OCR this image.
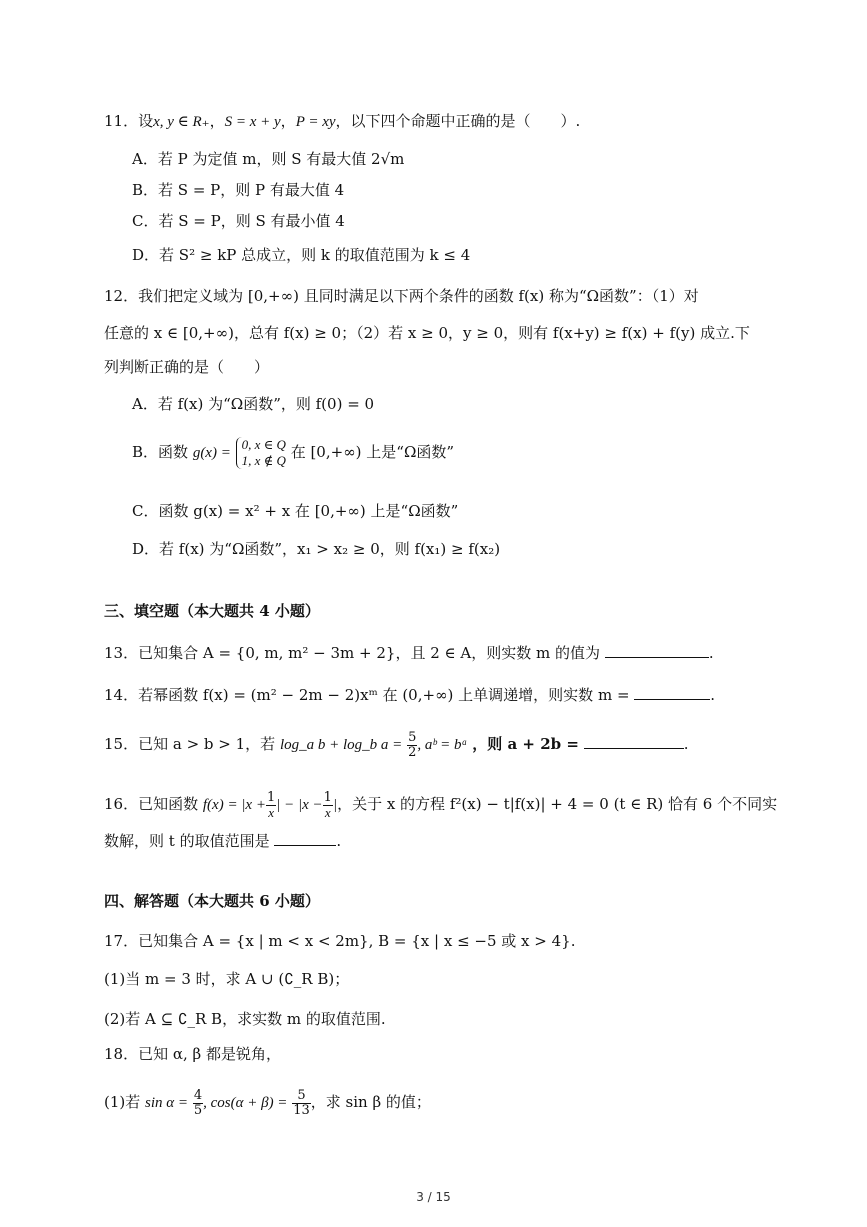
11．设x, y ∈ R₊，S = x + y，P = xy，以下四个命题中正确的是（　　）.
A．若 P 为定值 m，则 S 有最大值 2√m
B．若 S = P，则 P 有最大值 4
C．若 S = P，则 S 有最小值 4
D．若 S² ≥ kP 总成立，则 k 的取值范围为 k ≤ 4
12．我们把定义域为 [0,+∞) 且同时满足以下两个条件的函数 f(x) 称为“Ω函数”：（1）对
任意的 x ∈ [0,+∞)，总有 f(x) ≥ 0；（2）若 x ≥ 0，y ≥ 0，则有 f(x+y) ≥ f(x) + f(y) 成立.下
列判断正确的是（　　）
A．若 f(x) 为“Ω函数”，则 f(0) = 0
B．函数 g(x) =
0, x ∈ Q
1, x ∉ Q 在 [0,+∞) 上是“Ω函数”
C．函数 g(x) = x² + x 在 [0,+∞) 上是“Ω函数”
D．若 f(x) 为“Ω函数”，x₁ > x₂ ≥ 0，则 f(x₁) ≥ f(x₂)
三、填空题（本大题共 4 小题）
13．已知集合 A = {0, m, m² − 3m + 2}，且 2 ∈ A，则实数 m 的值为	.
14．若幂函数 f(x) = (m² − 2m − 2)xᵐ 在 (0,+∞) 上单调递增，则实数 m =	.
15．已知 a > b > 1，若 log_a b + log_b $a = \frac{5}{2}$ , aᵇ = bᵃ ，则 a + 2b =	.
16．已知函数 $f(x) = |x + \frac{1}{x}$ | − $|x - \frac{1}{x}$ |，关于 x 的方程 f²(x) − t|f(x)| + 4 = 0 (t ∈ R) 恰有 6 个不同实
数解，则 t 的取值范围是	.
四、解答题（本大题共 6 小题）
17．已知集合 A = {x | m < x < 2m}, B = {x | x ≤ −5 或 x > 4}.
(1)当 m = 3 时，求 A ∪ (∁_R B)；
(2)若 A ⊆ ∁_R B，求实数 m 的取值范围.
18．已知 α, β 都是锐角，
(1)若 $\sin \alpha = \frac{4}{5}$ , $\cos(\alpha + \beta) = \frac{5}{13}$ ，求 sin β 的值；
3 / 15
